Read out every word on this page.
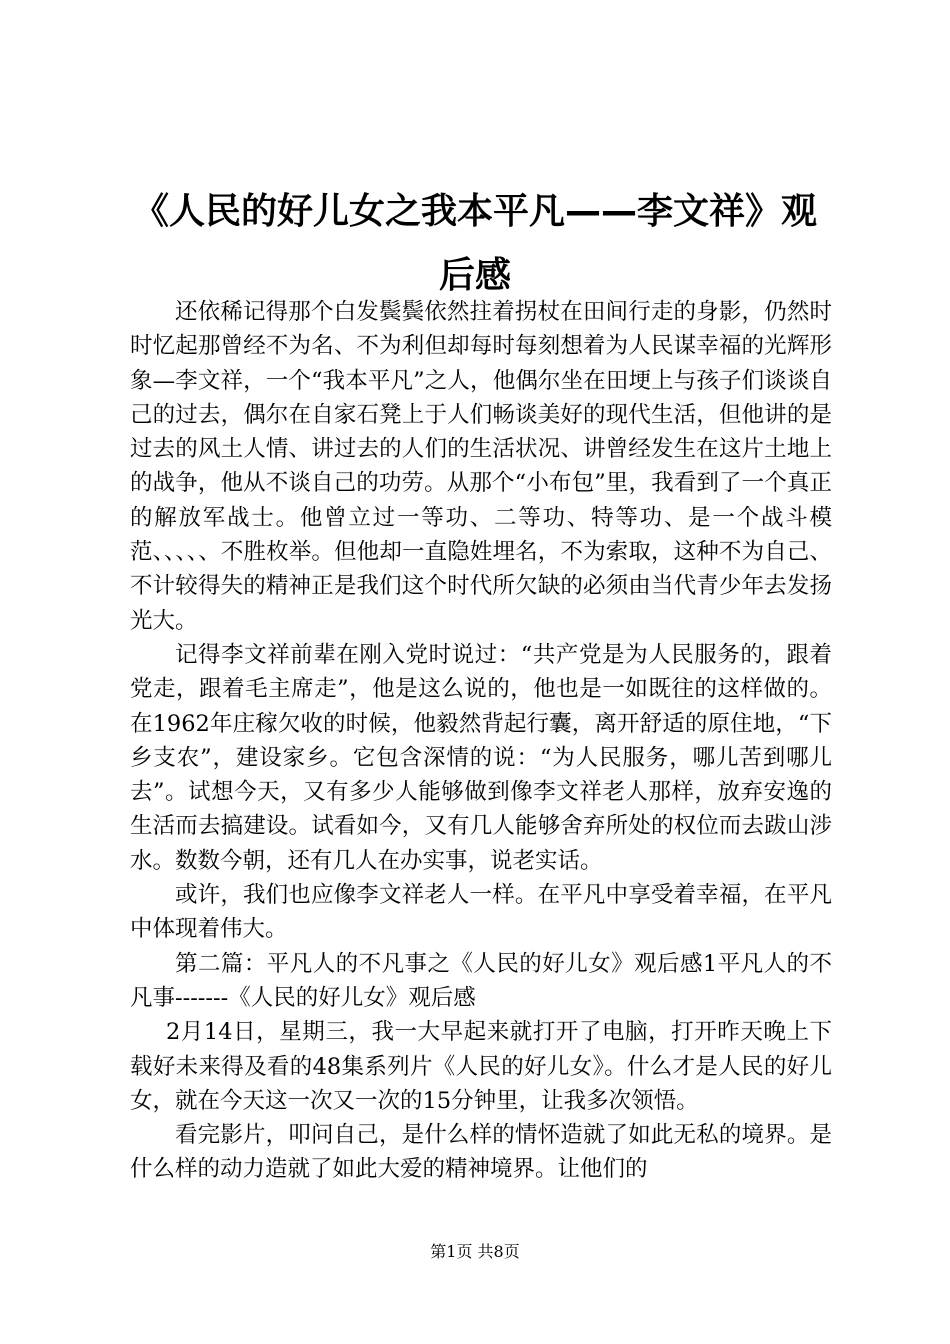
《人民的好儿女之我本平凡——李文祥》观后感

还依稀记得那个白发鬓鬓依然拄着拐杖在田间行走的身影，仍然时时忆起那曾经不为名、不为利但却每时每刻想着为人民谋幸福的光辉形象—李文祥，一个“我本平凡”之人，他偶尔坐在田埂上与孩子们谈谈自己的过去，偶尔在自家石凳上于人们畅谈美好的现代生活，但他讲的是过去的风土人情、讲过去的人们的生活状况、讲曾经发生在这片土地上的战争，他从不谈自己的功劳。从那个“小布包”里，我看到了一个真正的解放军战士。他曾立过一等功、二等功、特等功、是一个战斗模范、、、、、不胜枚举。但他却一直隐姓埋名，不为索取，这种不为自己、不计较得失的精神正是我们这个时代所欠缺的必须由当代青少年去发扬光大。

记得李文祥前辈在刚入党时说过：“共产党是为人民服务的，跟着党走，跟着毛主席走”，他是这么说的，他也是一如既往的这样做的。在1962年庄稼欠收的时候，他毅然背起行囊，离开舒适的原住地，“下乡支农”，建设家乡。它包含深情的说：“为人民服务，哪儿苦到哪儿去”。试想今天，又有多少人能够做到像李文祥老人那样，放弃安逸的生活而去搞建设。试看如今，又有几人能够舍弃所处的权位而去跋山涉水。数数今朝，还有几人在办实事，说老实话。

或许，我们也应像李文祥老人一样。在平凡中享受着幸福，在平凡中体现着伟大。

第二篇：平凡人的不凡事之《人民的好儿女》观后感1平凡人的不凡事-------《人民的好儿女》观后感

2月14日，星期三，我一大早起来就打开了电脑，打开昨天晚上下载好未来得及看的48集系列片《人民的好儿女》。什么才是人民的好儿女，就在今天这一次又一次的15分钟里，让我多次领悟。

看完影片，叩问自己，是什么样的情怀造就了如此无私的境界。是什么样的动力造就了如此大爱的精神境界。让他们的

第1页 共8页
